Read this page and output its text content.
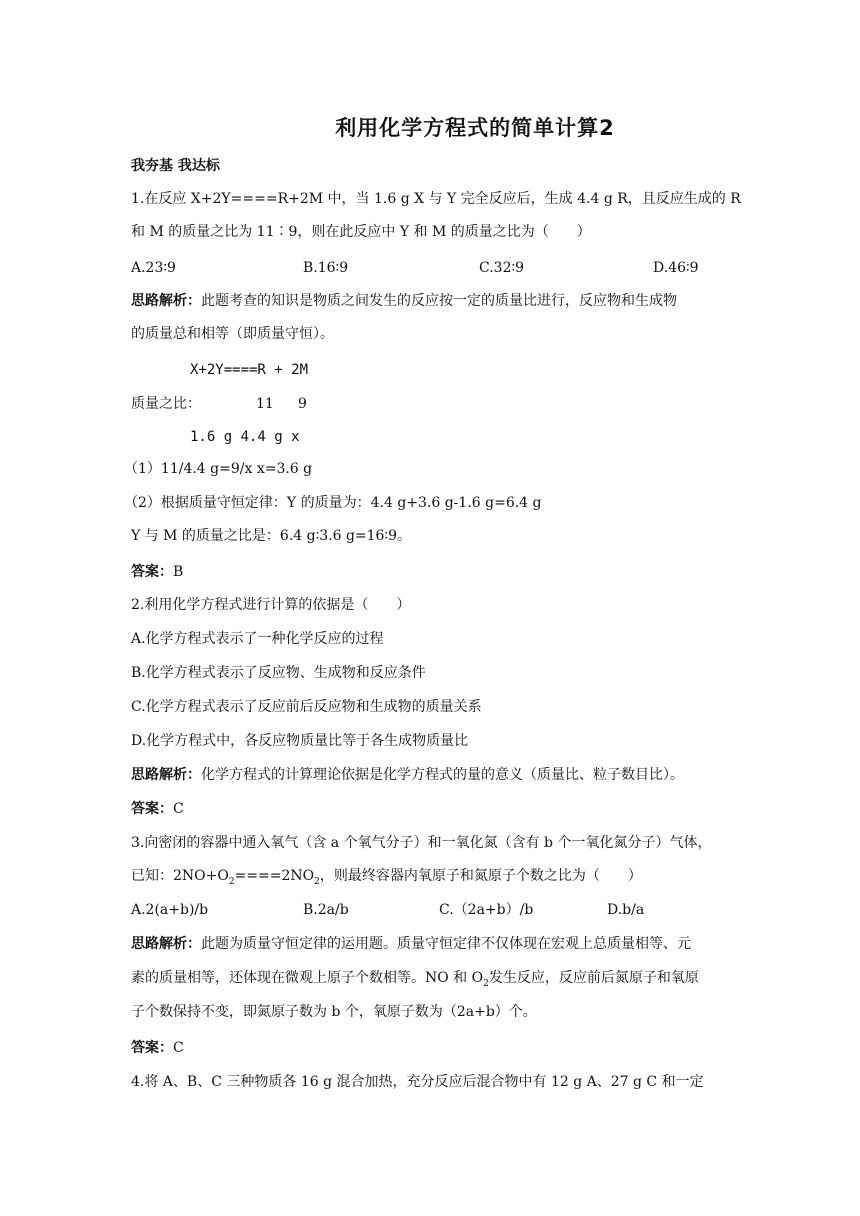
利用化学方程式的简单计算2
我夯基 我达标
1.在反应 X+2Y====R+2M 中，当 1.6 g X 与 Y 完全反应后，生成 4.4 g R，且反应生成的 R
和 M 的质量之比为 11∶9，则在此反应中 Y 和 M 的质量之比为（　　）
A.23∶9	B.16∶9	C.32∶9	D.46∶9
思路解析：此题考查的知识是物质之间发生的反应按一定的质量比进行，反应物和生成物
的质量总和相等（即质量守恒）。
X+2Y====R + 2M
质量之比：	11 9
1.6 g 4.4 g x
（1）11/4.4 g=9/x x=3.6 g
（2）根据质量守恒定律：Y 的质量为：4.4 g+3.6 g-1.6 g=6.4 g
Y 与 M 的质量之比是：6.4 g∶3.6 g=16∶9。
答案：B
2.利用化学方程式进行计算的依据是（　　）
A.化学方程式表示了一种化学反应的过程
B.化学方程式表示了反应物、生成物和反应条件
C.化学方程式表示了反应前后反应物和生成物的质量关系
D.化学方程式中，各反应物质量比等于各生成物质量比
思路解析：化学方程式的计算理论依据是化学方程式的量的意义（质量比、粒子数目比）。
答案：C
3.向密闭的容器中通入氧气（含 a 个氧气分子）和一氧化氮（含有 b 个一氧化氮分子）气体，
已知：$2NO+O_2====2NO_2$，则最终容器内氧原子和氮原子个数之比为（　　）
A.2(a+b)/b	B.2a/b	C.（2a+b）/b	D.b/a
思路解析：此题为质量守恒定律的运用题。质量守恒定律不仅体现在宏观上总质量相等、元
素的质量相等，还体现在微观上原子个数相等。NO 和 $O_2$发生反应，反应前后氮原子和氧原
子个数保持不变，即氮原子数为 b 个，氧原子数为（2a+b）个。
答案：C
4.将 A、B、C 三种物质各 16 g 混合加热，充分反应后混合物中有 12 g A、27 g C 和一定
